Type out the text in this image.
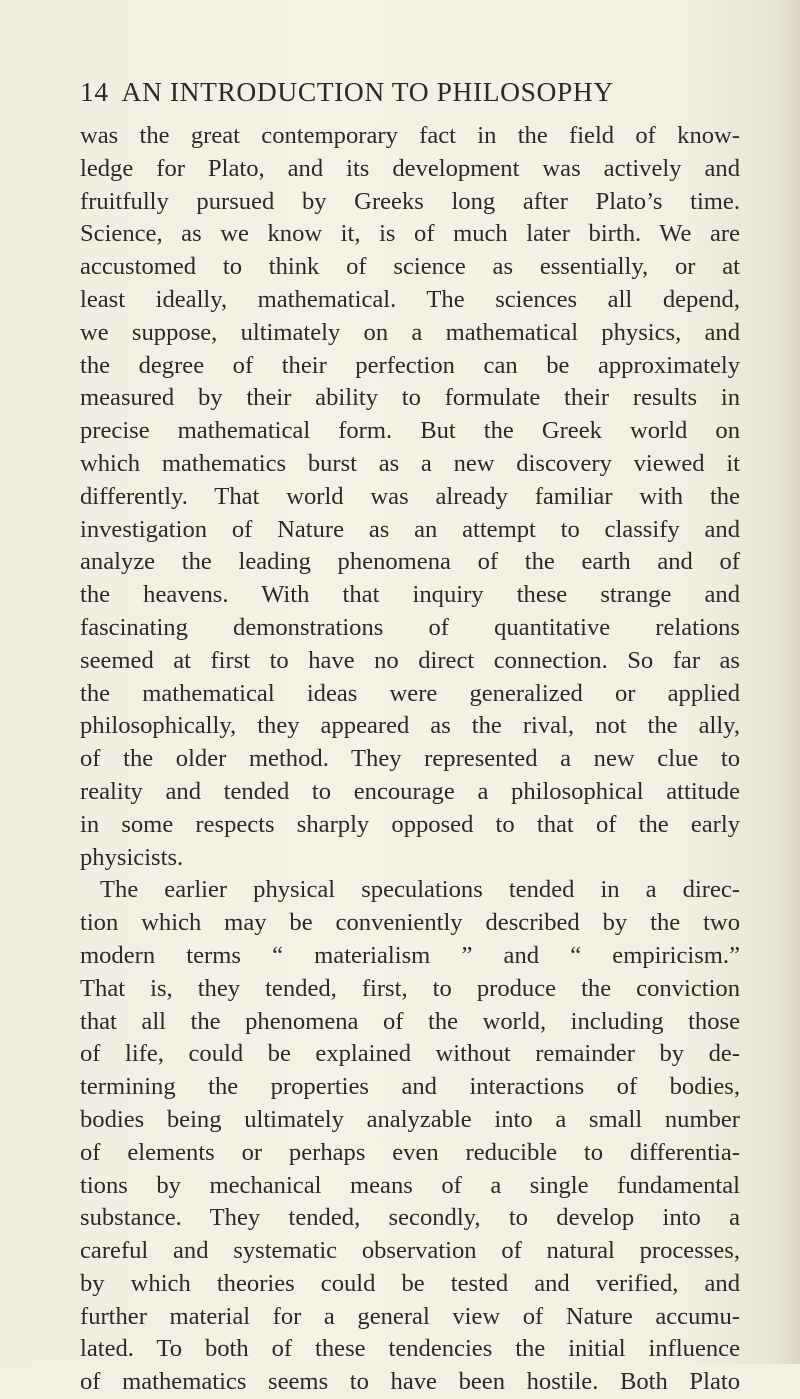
14 AN INTRODUCTION TO PHILOSOPHY
was the great contemporary fact in the field of know-
ledge for Plato, and its development was actively and
fruitfully pursued by Greeks long after Plato’s time.
Science, as we know it, is of much later birth. We are
accustomed to think of science as essentially, or at
least ideally, mathematical. The sciences all depend,
we suppose, ultimately on a mathematical physics, and
the degree of their perfection can be approximately
measured by their ability to formulate their results in
precise mathematical form. But the Greek world on
which mathematics burst as a new discovery viewed it
differently. That world was already familiar with the
investigation of Nature as an attempt to classify and
analyze the leading phenomena of the earth and of
the heavens. With that inquiry these strange and
fascinating demonstrations of quantitative relations
seemed at first to have no direct connection. So far as
the mathematical ideas were generalized or applied
philosophically, they appeared as the rival, not the ally,
of the older method. They represented a new clue to
reality and tended to encourage a philosophical attitude
in some respects sharply opposed to that of the early
physicists.
The earlier physical speculations tended in a direc-
tion which may be conveniently described by the two
modern terms “ materialism ” and “ empiricism.”
That is, they tended, first, to produce the conviction
that all the phenomena of the world, including those
of life, could be explained without remainder by de-
termining the properties and interactions of bodies,
bodies being ultimately analyzable into a small number
of elements or perhaps even reducible to differentia-
tions by mechanical means of a single fundamental
substance. They tended, secondly, to develop into a
careful and systematic observation of natural processes,
by which theories could be tested and verified, and
further material for a general view of Nature accumu-
lated. To both of these tendencies the initial influence
of mathematics seems to have been hostile. Both Plato
